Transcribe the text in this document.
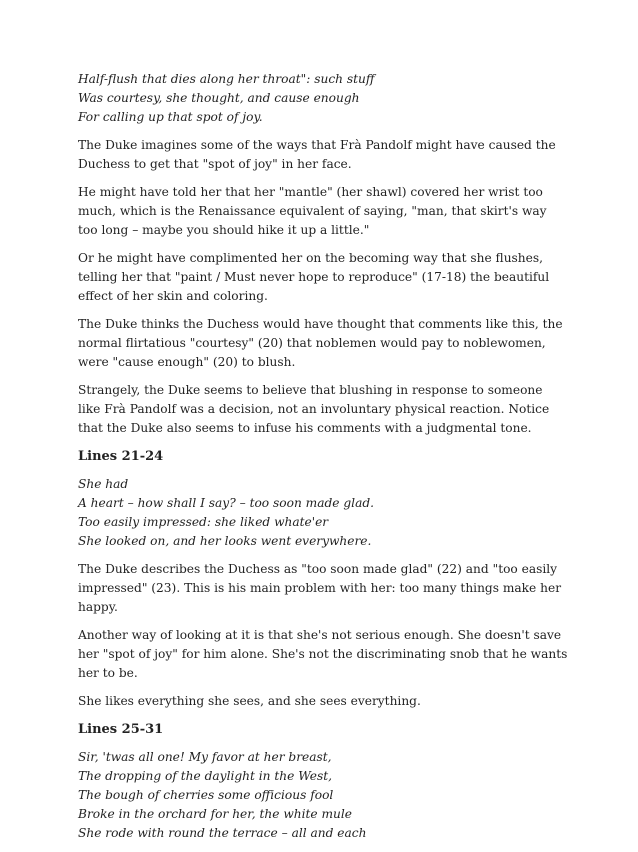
Half-flush that dies along her throat": such stuff
Was courtesy, she thought, and cause enough
For calling up that spot of joy.

The Duke imagines some of the ways that Frà Pandolf might have caused the Duchess to get that "spot of joy" in her face.

He might have told her that her "mantle" (her shawl) covered her wrist too much, which is the Renaissance equivalent of saying, "man, that skirt's way too long – maybe you should hike it up a little."

Or he might have complimented her on the becoming way that she flushes, telling her that "paint / Must never hope to reproduce" (17-18) the beautiful effect of her skin and coloring.

The Duke thinks the Duchess would have thought that comments like this, the normal flirtatious "courtesy" (20) that noblemen would pay to noblewomen, were "cause enough" (20) to blush.

Strangely, the Duke seems to believe that blushing in response to someone like Frà Pandolf was a decision, not an involuntary physical reaction. Notice that the Duke also seems to infuse his comments with a judgmental tone.

Lines 21-24
She had
A heart – how shall I say? – too soon made glad.
Too easily impressed: she liked whate'er
She looked on, and her looks went everywhere.

The Duke describes the Duchess as "too soon made glad" (22) and "too easily impressed" (23). This is his main problem with her: too many things make her happy.

Another way of looking at it is that she's not serious enough. She doesn't save her "spot of joy" for him alone. She's not the discriminating snob that he wants her to be.

She likes everything she sees, and she sees everything.

Lines 25-31
Sir, 'twas all one! My favor at her breast,
The dropping of the daylight in the West,
The bough of cherries some officious fool
Broke in the orchard for her, the white mule
She rode with round the terrace – all and each
